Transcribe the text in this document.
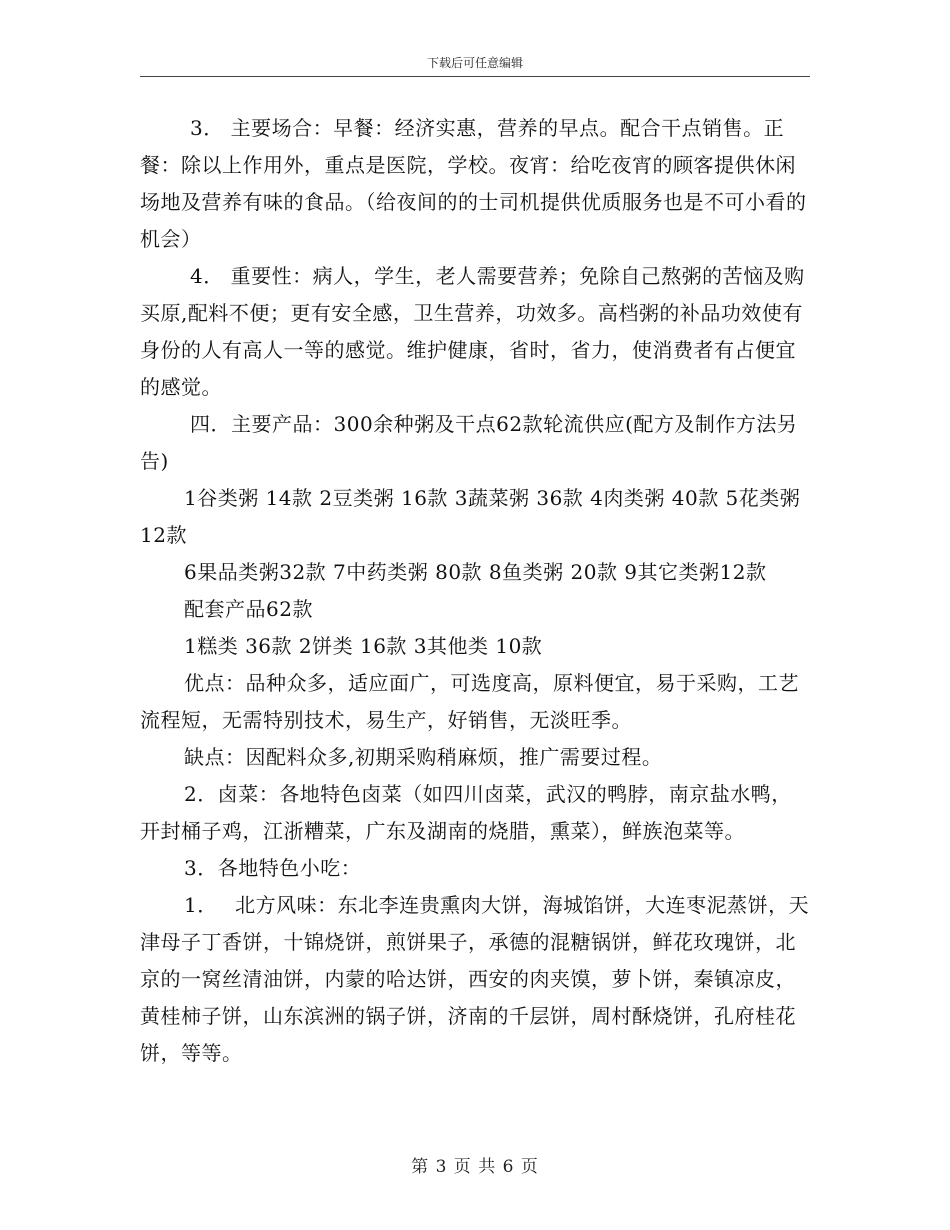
下载后可任意编辑

3． 主要场合：早餐：经济实惠，营养的早点。配合干点销售。正餐：除以上作用外，重点是医院，学校。夜宵：给吃夜宵的顾客提供休闲场地及营养有味的食品。（给夜间的的士司机提供优质服务也是不可小看的机会）

4． 重要性：病人，学生，老人需要营养；免除自己熬粥的苦恼及购买原,配料不便；更有安全感，卫生营养，功效多。高档粥的补品功效使有身份的人有高人一等的感觉。维护健康，省时，省力，使消费者有占便宜的感觉。

四．主要产品：300余种粥及干点62款轮流供应(配方及制作方法另告)

1谷类粥 14款 2豆类粥 16款 3蔬菜粥 36款 4肉类粥 40款 5花类粥 12款

6果品类粥32款 7中药类粥 80款 8鱼类粥 20款 9其它类粥12款

配套产品62款

1糕类 36款 2饼类 16款 3其他类 10款

优点：品种众多，适应面广，可选度高，原料便宜，易于采购，工艺流程短，无需特别技术，易生产，好销售，无淡旺季。

缺点：因配料众多,初期采购稍麻烦，推广需要过程。

2．卤菜：各地特色卤菜（如四川卤菜，武汉的鸭脖，南京盐水鸭，开封桶子鸡，江浙糟菜，广东及湖南的烧腊，熏菜），鲜族泡菜等。

3．各地特色小吃：

1．　 北方风味：东北李连贵熏肉大饼，海城馅饼，大连枣泥蒸饼，天津母子丁香饼，十锦烧饼，煎饼果子，承德的混糖锅饼，鲜花玫瑰饼，北京的一窝丝清油饼，内蒙的哈达饼，西安的肉夹馍，萝卜饼，秦镇凉皮，黄桂柿子饼，山东滨洲的锅子饼，济南的千层饼，周村酥烧饼，孔府桂花饼，等等。

第 3 页 共 6 页
